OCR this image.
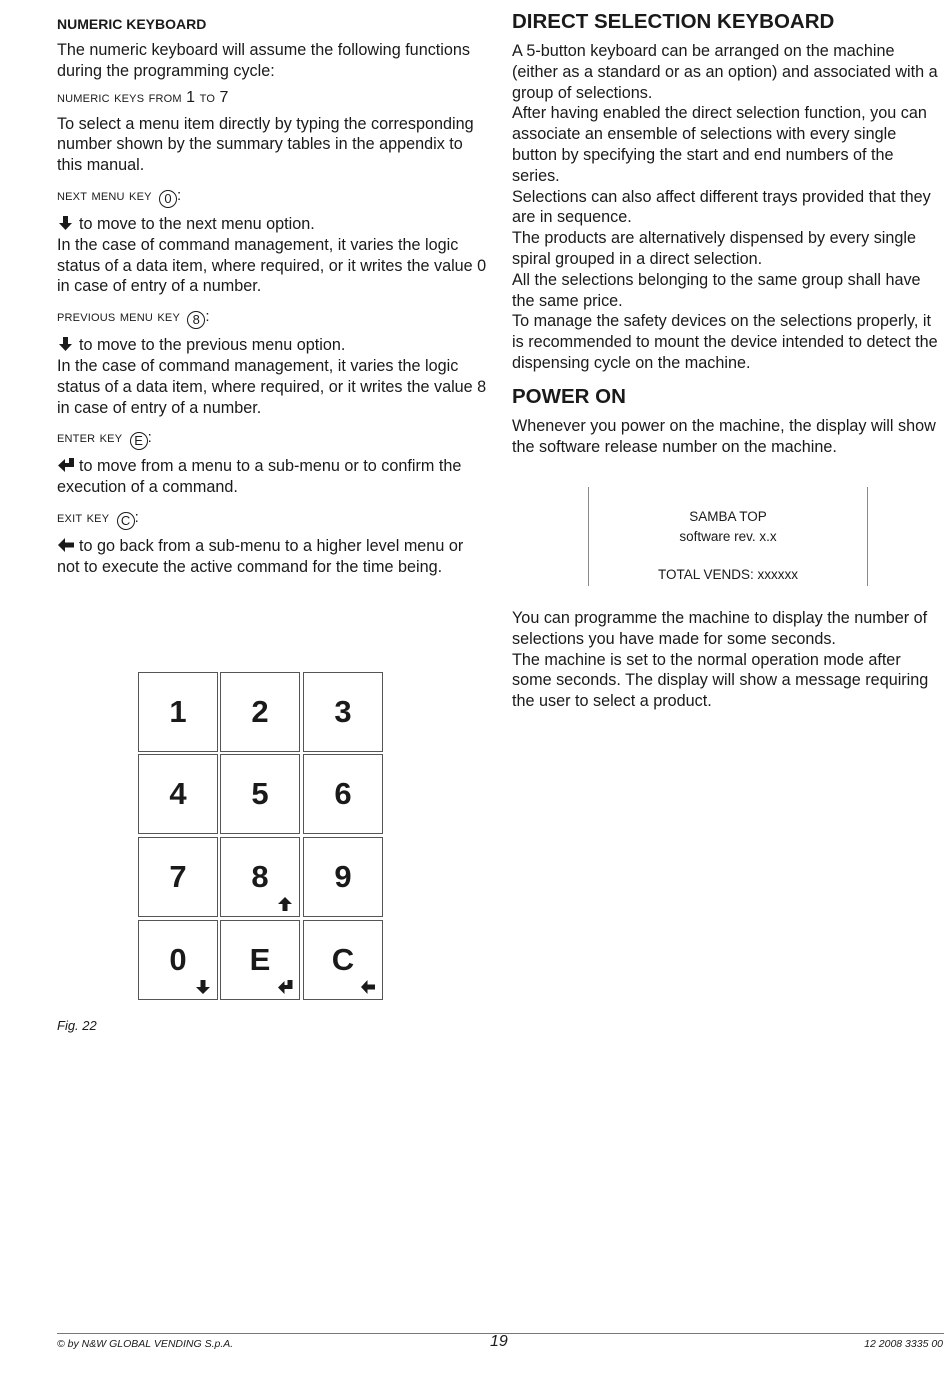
NUMERIC KEYBOARD

The numeric keyboard will assume the following functions during the programming cycle:

numeric keys from 1 to 7

To select a menu item directly by typing the corresponding number shown by the summary tables in the appendix to this manual.

next menu key 0 :

to move to the next menu option.

In the case of command management, it varies the logic status of a data item, where required, or it writes the value 0 in case of entry of a number.

previous menu key 8 :

to move to the previous menu option.

In the case of command management, it varies the logic status of a data item, where required, or it writes the value 8 in case of entry of a number.

enter key E :

to move from a menu to a sub-menu or to confirm the execution of a command.

exit key C :

to go back from a sub-menu to a higher level menu or not to execute the active command for the time being.

DIRECT SELECTION KEYBOARD

A 5-button keyboard can be arranged on the machine (either as a standard or as an option) and associated with a group of selections.

After having enabled the direct selection function, you can associate an ensemble of selections with every single button by specifying the start and end numbers of the series.

Selections can also affect different trays provided that they are in sequence.

The products are alternatively dispensed by every single spiral grouped in a direct selection.

All the selections belonging to the same group shall have the same price.

To manage the safety devices on the selections properly, it is recommended to mount the device intended to detect the dispensing cycle on the machine.

POWER ON

Whenever you power on the machine, the display will show the software release number on the machine.

SAMBA TOP
software rev. x.x
TOTAL VENDS: xxxxxx

You can programme the machine to display the number of selections you have made for some seconds.

The machine is set to the normal operation mode after some seconds. The display will show a message requiring the user to select a product.

1	2	3
4	5	6
7	8	9
0	E	C
Fig. 22
© by N&W GLOBAL VENDING S.p.A.	19	12 2008 3335 00
